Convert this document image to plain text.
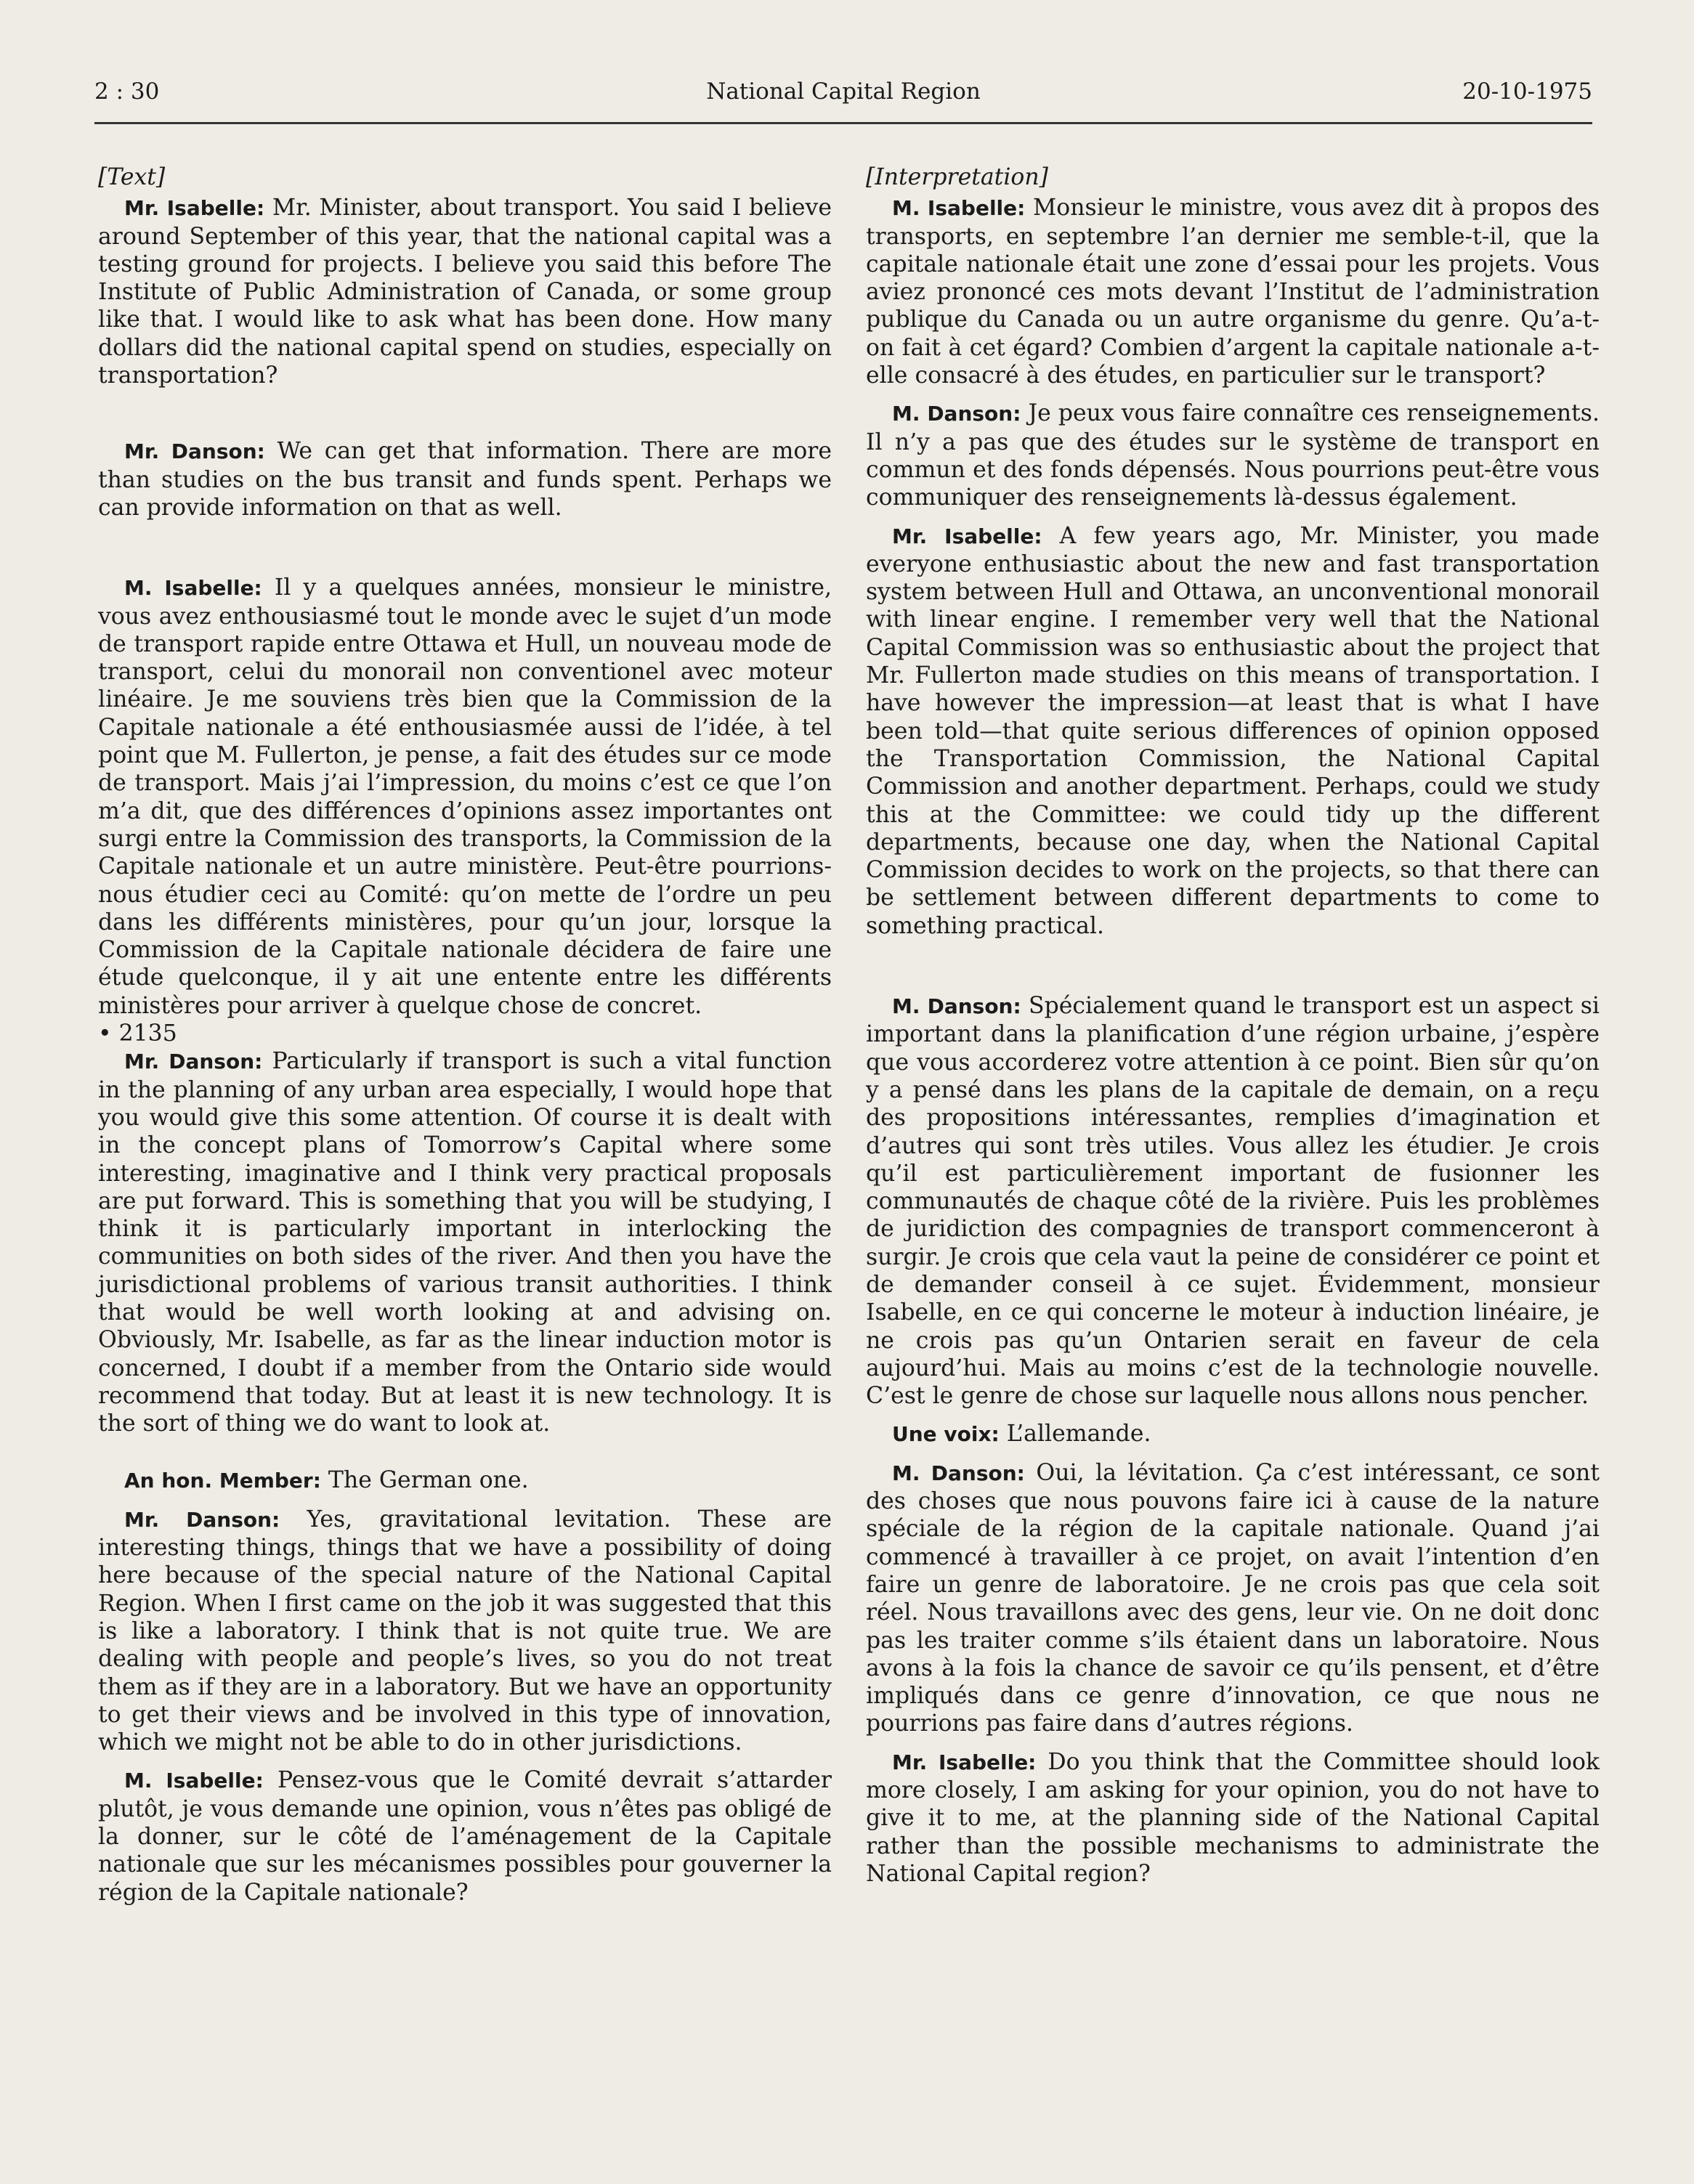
2 : 30	National Capital Region	20-10-1975

[Text]

Mr. Isabelle: Mr. Minister, about transport. You said I believe around September of this year, that the national capital was a testing ground for projects. I believe you said this before The Institute of Public Administration of Canada, or some group like that. I would like to ask what has been done. How many dollars did the national capital spend on studies, especially on transportation?

Mr. Danson: We can get that information. There are more than studies on the bus transit and funds spent. Perhaps we can provide information on that as well.

M. Isabelle: Il y a quelques années, monsieur le ministre, vous avez enthousiasmé tout le monde avec le sujet d’un mode de transport rapide entre Ottawa et Hull, un nouveau mode de transport, celui du monorail non conventionel avec moteur linéaire. Je me souviens très bien que la Commission de la Capitale nationale a été enthousiasmée aussi de l’idée, à tel point que M. Fullerton, je pense, a fait des études sur ce mode de transport. Mais j’ai l’impression, du moins c’est ce que l’on m’a dit, que des différences d’opinions assez importantes ont surgi entre la Commission des transports, la Commission de la Capitale nationale et un autre ministère. Peut-être pourrions-nous étudier ceci au Comité: qu’on mette de l’ordre un peu dans les différents ministères, pour qu’un jour, lorsque la Commission de la Capitale nationale décidera de faire une étude quelconque, il y ait une entente entre les différents ministères pour arriver à quelque chose de concret.

• 2135

Mr. Danson: Particularly if transport is such a vital function in the planning of any urban area especially, I would hope that you would give this some attention. Of course it is dealt with in the concept plans of Tomorrow’s Capital where some interesting, imaginative and I think very practical proposals are put forward. This is something that you will be studying, I think it is particularly important in interlocking the communities on both sides of the river. And then you have the jurisdictional problems of various transit authorities. I think that would be well worth looking at and advising on. Obviously, Mr. Isabelle, as far as the linear induction motor is concerned, I doubt if a member from the Ontario side would recommend that today. But at least it is new technology. It is the sort of thing we do want to look at.

An hon. Member: The German one.

Mr. Danson: Yes, gravitational levitation. These are interesting things, things that we have a possibility of doing here because of the special nature of the National Capital Region. When I first came on the job it was suggested that this is like a laboratory. I think that is not quite true. We are dealing with people and people’s lives, so you do not treat them as if they are in a laboratory. But we have an opportunity to get their views and be involved in this type of innovation, which we might not be able to do in other jurisdictions.

M. Isabelle: Pensez-vous que le Comité devrait s’attarder plutôt, je vous demande une opinion, vous n’êtes pas obligé de la donner, sur le côté de l’aménagement de la Capitale nationale que sur les mécanismes possibles pour gouverner la région de la Capitale nationale?

[Interpretation]

M. Isabelle: Monsieur le ministre, vous avez dit à propos des transports, en septembre l’an dernier me semble-t-il, que la capitale nationale était une zone d’essai pour les projets. Vous aviez prononcé ces mots devant l’Institut de l’administration publique du Canada ou un autre organisme du genre. Qu’a-t-on fait à cet égard? Combien d’argent la capitale nationale a-t-elle consacré à des études, en particulier sur le transport?

M. Danson: Je peux vous faire connaître ces renseignements. Il n’y a pas que des études sur le système de transport en commun et des fonds dépensés. Nous pourrions peut-être vous communiquer des renseignements là-dessus également.

Mr. Isabelle: A few years ago, Mr. Minister, you made everyone enthusiastic about the new and fast transportation system between Hull and Ottawa, an unconventional monorail with linear engine. I remember very well that the National Capital Commission was so enthusiastic about the project that Mr. Fullerton made studies on this means of transportation. I have however the impression—at least that is what I have been told—that quite serious differences of opinion opposed the Transportation Commission, the National Capital Commission and another department. Perhaps, could we study this at the Committee: we could tidy up the different departments, because one day, when the National Capital Commission decides to work on the projects, so that there can be settlement between different departments to come to something practical.

M. Danson: Spécialement quand le transport est un aspect si important dans la planification d’une région urbaine, j’espère que vous accorderez votre attention à ce point. Bien sûr qu’on y a pensé dans les plans de la capitale de demain, on a reçu des propositions intéressantes, remplies d’imagination et d’autres qui sont très utiles. Vous allez les étudier. Je crois qu’il est particulièrement important de fusionner les communautés de chaque côté de la rivière. Puis les problèmes de juridiction des compagnies de transport commenceront à surgir. Je crois que cela vaut la peine de considérer ce point et de demander conseil à ce sujet. Évidemment, monsieur Isabelle, en ce qui concerne le moteur à induction linéaire, je ne crois pas qu’un Ontarien serait en faveur de cela aujourd’hui. Mais au moins c’est de la technologie nouvelle. C’est le genre de chose sur laquelle nous allons nous pencher.

Une voix: L’allemande.

M. Danson: Oui, la lévitation. Ça c’est intéressant, ce sont des choses que nous pouvons faire ici à cause de la nature spéciale de la région de la capitale nationale. Quand j’ai commencé à travailler à ce projet, on avait l’intention d’en faire un genre de laboratoire. Je ne crois pas que cela soit réel. Nous travaillons avec des gens, leur vie. On ne doit donc pas les traiter comme s’ils étaient dans un laboratoire. Nous avons à la fois la chance de savoir ce qu’ils pensent, et d’être impliqués dans ce genre d’innovation, ce que nous ne pourrions pas faire dans d’autres régions.

Mr. Isabelle: Do you think that the Committee should look more closely, I am asking for your opinion, you do not have to give it to me, at the planning side of the National Capital rather than the possible mechanisms to administrate the National Capital region?
